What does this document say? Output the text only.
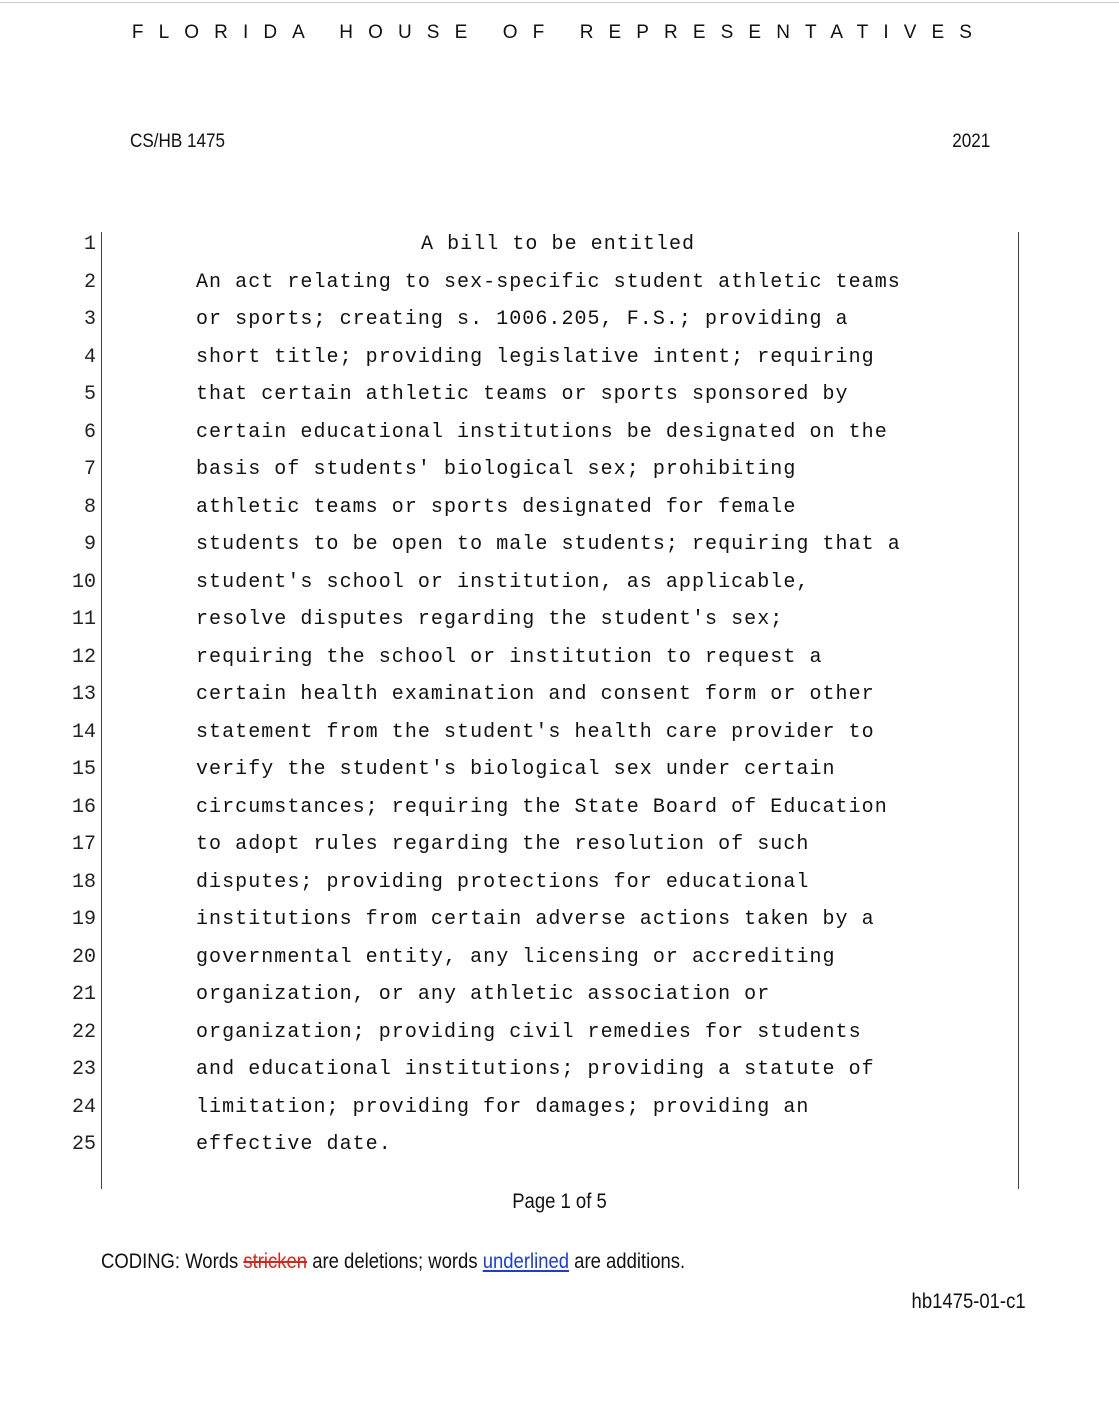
FLORIDA HOUSE OF REPRESENTATIVES
CS/HB 1475	2021
1	A bill to be entitled
2	An act relating to sex-specific student athletic teams
3	or sports; creating s. 1006.205, F.S.; providing a
4	short title; providing legislative intent; requiring
5	that certain athletic teams or sports sponsored by
6	certain educational institutions be designated on the
7	basis of students' biological sex; prohibiting
8	athletic teams or sports designated for female
9	students to be open to male students; requiring that a
10	student's school or institution, as applicable,
11	resolve disputes regarding the student's sex;
12	requiring the school or institution to request a
13	certain health examination and consent form or other
14	statement from the student's health care provider to
15	verify the student's biological sex under certain
16	circumstances; requiring the State Board of Education
17	to adopt rules regarding the resolution of such
18	disputes; providing protections for educational
19	institutions from certain adverse actions taken by a
20	governmental entity, any licensing or accrediting
21	organization, or any athletic association or
22	organization; providing civil remedies for students
23	and educational institutions; providing a statute of
24	limitation; providing for damages; providing an
25	effective date.
Page 1 of 5
CODING: Words stricken are deletions; words underlined are additions.
hb1475-01-c1
